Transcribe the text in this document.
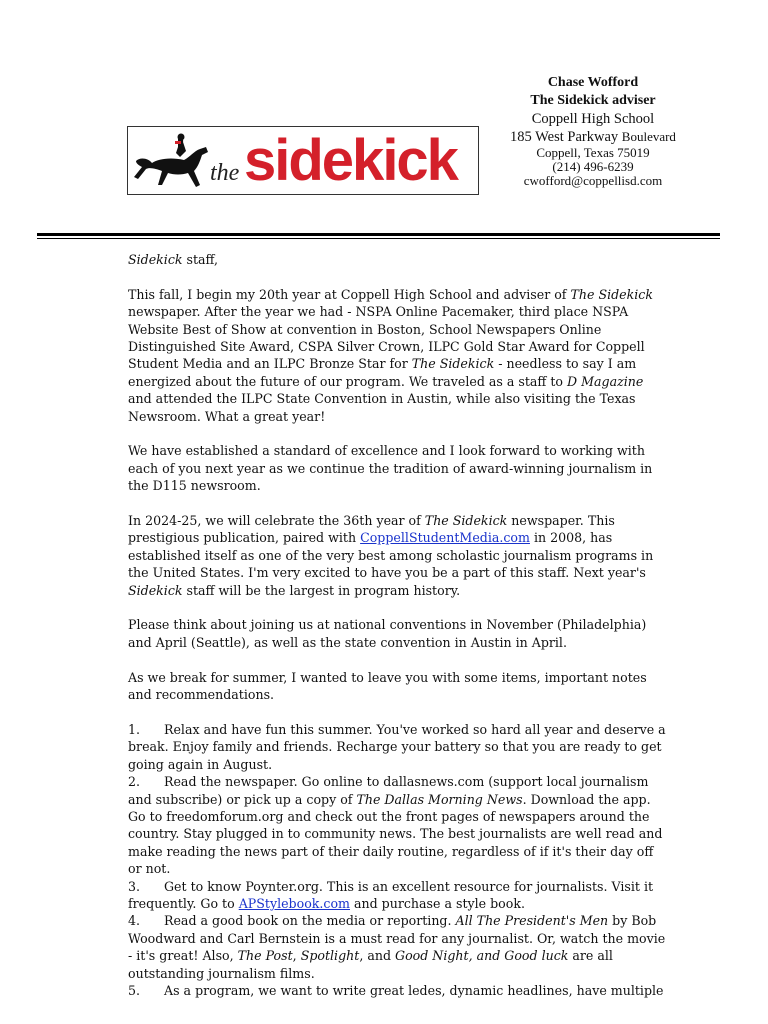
the sidekick
Chase Wofford
The Sidekick adviser
Coppell High School
185 West Parkway Boulevard
Coppell, Texas 75019
(214) 496-6239
cwofford@coppellisd.com

Sidekick staff,

This fall, I begin my 20th year at Coppell High School and adviser of The Sidekick newspaper. After the year we had - NSPA Online Pacemaker, third place NSPA Website Best of Show at convention in Boston, School Newspapers Online Distinguished Site Award, CSPA Silver Crown, ILPC Gold Star Award for Coppell Student Media and an ILPC Bronze Star for The Sidekick - needless to say I am energized about the future of our program. We traveled as a staff to D Magazine and attended the ILPC State Convention in Austin, while also visiting the Texas Newsroom. What a great year!

We have established a standard of excellence and I look forward to working with each of you next year as we continue the tradition of award-winning journalism in the D115 newsroom.

In 2024-25, we will celebrate the 36th year of The Sidekick newspaper. This prestigious publication, paired with CoppellStudentMedia.com in 2008, has established itself as one of the very best among scholastic journalism programs in the United States. I'm very excited to have you be a part of this staff. Next year's Sidekick staff will be the largest in program history.

Please think about joining us at national conventions in November (Philadelphia) and April (Seattle), as well as the state convention in Austin in April.

As we break for summer, I wanted to leave you with some items, important notes and recommendations.

1. Relax and have fun this summer. You've worked so hard all year and deserve a break. Enjoy family and friends. Recharge your battery so that you are ready to get going again in August.
2. Read the newspaper. Go online to dallasnews.com (support local journalism and subscribe) or pick up a copy of The Dallas Morning News. Download the app. Go to freedomforum.org and check out the front pages of newspapers around the country. Stay plugged in to community news. The best journalists are well read and make reading the news part of their daily routine, regardless of if it's their day off or not.
3. Get to know Poynter.org. This is an excellent resource for journalists. Visit it frequently. Go to APStylebook.com and purchase a style book.
4. Read a good book on the media or reporting. All The President's Men by Bob Woodward and Carl Bernstein is a must read for any journalist. Or, watch the movie - it's great! Also, The Post, Spotlight, and Good Night, and Good luck are all outstanding journalism films.
5. As a program, we want to write great ledes, dynamic headlines, have multiple
